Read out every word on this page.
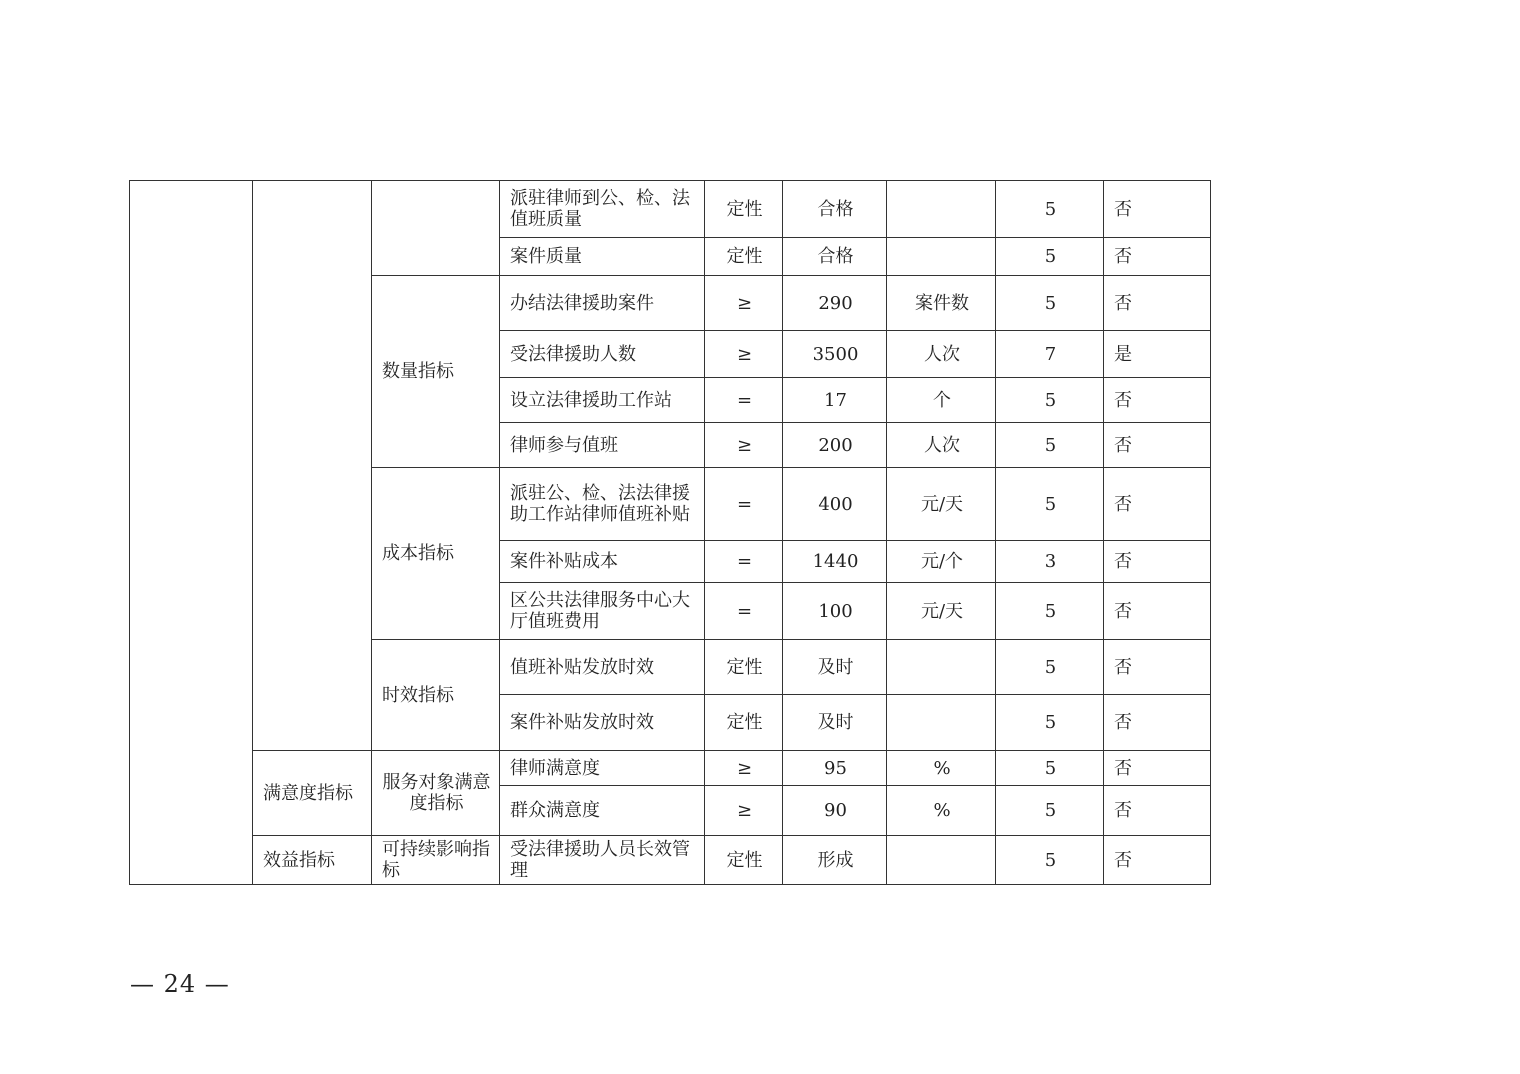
			派驻律师到公、检、法值班质量	定性	合格		5	否
			案件质量	定性	合格		5	否
		数量指标	办结法律援助案件	≥	290	案件数	5	否
			受法律援助人数	≥	3500	人次	7	是
			设立法律援助工作站	=	17	个	5	否
			律师参与值班	≥	200	人次	5	否
		成本指标	派驻公、检、法法律援助工作站律师值班补贴	=	400	元/天	5	否
			案件补贴成本	=	1440	元/个	3	否
			区公共法律服务中心大厅值班费用	=	100	元/天	5	否
		时效指标	值班补贴发放时效	定性	及时		5	否
			案件补贴发放时效	定性	及时		5	否
	满意度指标	服务对象满意度指标	律师满意度	≥	95	%	5	否
			群众满意度	≥	90	%	5	否
	效益指标	可持续影响指标	受法律援助人员长效管理	定性	形成		5	否
— 24 —
